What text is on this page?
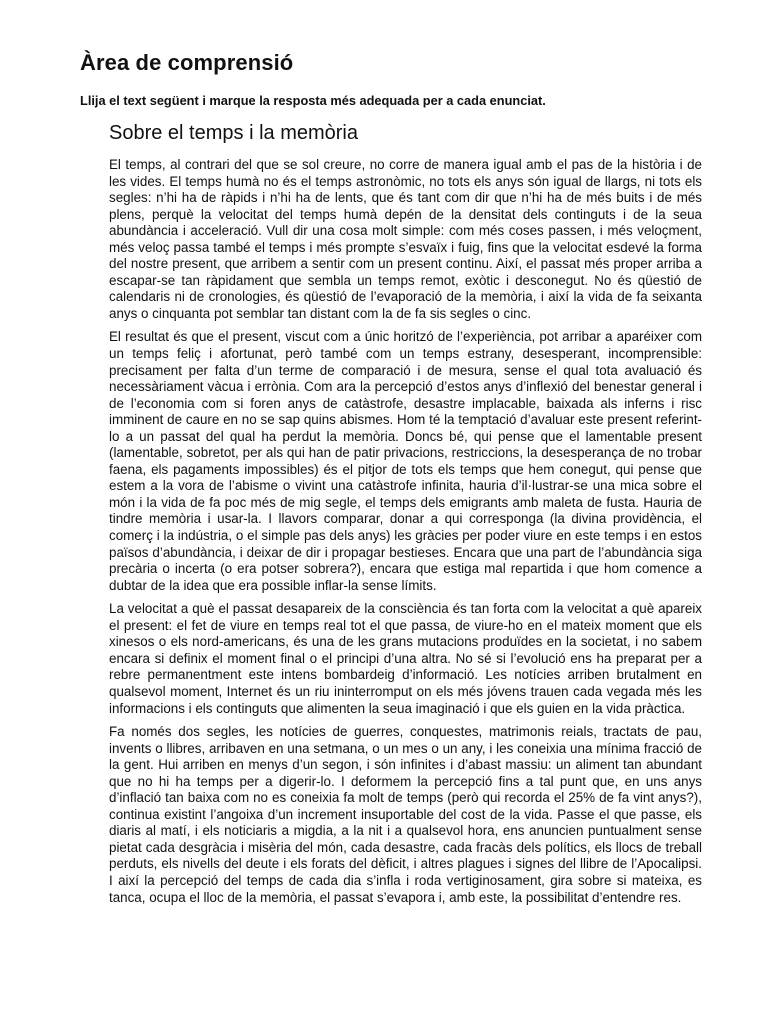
Àrea de comprensió

Llija el text següent i marque la resposta més adequada per a cada enunciat.

Sobre el temps i la memòria

El temps, al contrari del que se sol creure, no corre de manera igual amb el pas de la història i de les vides. El temps humà no és el temps astronòmic, no tots els anys són igual de llargs, ni tots els segles: n’hi ha de ràpids i n’hi ha de lents, que és tant com dir que n’hi ha de més buits i de més plens, perquè la velocitat del temps humà depén de la densitat dels continguts i de la seua abundància i acceleració. Vull dir una cosa molt simple: com més coses passen, i més veloçment, més veloç passa també el temps i més prompte s’esvaïx i fuig, fins que la velocitat esdevé la forma del nostre present, que arribem a sentir com un present continu. Així, el passat més proper arriba a escapar-se tan ràpidament que sembla un temps remot, exòtic i desconegut. No és qüestió de calendaris ni de cronologies, és qüestió de l’evaporació de la memòria, i així la vida de fa seixanta anys o cinquanta pot semblar tan distant com la de fa sis segles o cinc.

El resultat és que el present, viscut com a únic horitzó de l’experiència, pot arribar a aparéixer com un temps feliç i afortunat, però també com un temps estrany, desesperant, incomprensible: precisament per falta d’un terme de comparació i de mesura, sense el qual tota avaluació és necessàriament vàcua i errònia. Com ara la percepció d’estos anys d’inflexió del benestar general i de l’economia com si foren anys de catàstrofe, desastre implacable, baixada als inferns i risc imminent de caure en no se sap quins abismes. Hom té la temptació d’avaluar este present referint-lo a un passat del qual ha perdut la memòria. Doncs bé, qui pense que el lamentable present (lamentable, sobretot, per als qui han de patir privacions, restriccions, la desesperança de no trobar faena, els pagaments impossibles) és el pitjor de tots els temps que hem conegut, qui pense que estem a la vora de l’abisme o vivint una catàstrofe infinita, hauria d’il·lustrar-se una mica sobre el món i la vida de fa poc més de mig segle, el temps dels emigrants amb maleta de fusta. Hauria de tindre memòria i usar-la. I llavors comparar, donar a qui corresponga (la divina providència, el comerç i la indústria, o el simple pas dels anys) les gràcies per poder viure en este temps i en estos països d’abundància, i deixar de dir i propagar bestieses. Encara que una part de l’abundància siga precària o incerta (o era potser sobrera?), encara que estiga mal repartida i que hom comence a dubtar de la idea que era possible inflar-la sense límits.

La velocitat a què el passat desapareix de la consciència és tan forta com la velocitat a què apareix el present: el fet de viure en temps real tot el que passa, de viure-ho en el mateix moment que els xinesos o els nord-americans, és una de les grans mutacions produïdes en la societat, i no sabem encara si definix el moment final o el principi d’una altra. No sé si l’evolució ens ha preparat per a rebre permanentment este intens bombardeig d’informació. Les notícies arriben brutalment en qualsevol moment, Internet és un riu ininterromput on els més jóvens trauen cada vegada més les informacions i els continguts que alimenten la seua imaginació i que els guien en la vida pràctica.

Fa només dos segles, les notícies de guerres, conquestes, matrimonis reials, tractats de pau, invents o llibres, arribaven en una setmana, o un mes o un any, i les coneixia una mínima fracció de la gent. Hui arriben en menys d’un segon, i són infinites i d’abast massiu: un aliment tan abundant que no hi ha temps per a digerir-lo. I deformem la percepció fins a tal punt que, en uns anys d’inflació tan baixa com no es coneixia fa molt de temps (però qui recorda el 25% de fa vint anys?), continua existint l’angoixa d’un increment insuportable del cost de la vida. Passe el que passe, els diaris al matí, i els noticiaris a migdia, a la nit i a qualsevol hora, ens anuncien puntualment sense pietat cada desgràcia i misèria del món, cada desastre, cada fracàs dels polítics, els llocs de treball perduts, els nivells del deute i els forats del dèficit, i altres plagues i signes del llibre de l’Apocalipsi. I així la percepció del temps de cada dia s’infla i roda vertiginosament, gira sobre si mateixa, es tanca, ocupa el lloc de la memòria, el passat s’evapora i, amb este, la possibilitat d’entendre res.
